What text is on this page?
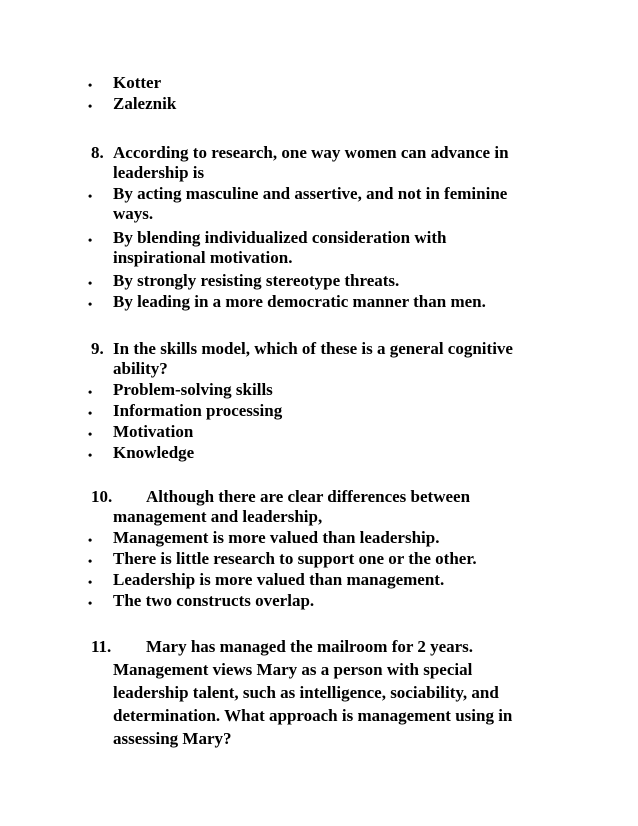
• Kotter
• Zaleznik
8. According to research, one way women can advance in
leadership is
• By acting masculine and assertive, and not in feminine
ways.
• By blending individualized consideration with
inspirational motivation.
• By strongly resisting stereotype threats.
• By leading in a more democratic manner than men.
9. In the skills model, which of these is a general cognitive
ability?
• Problem-solving skills
• Information processing
• Motivation
• Knowledge
10. Although there are clear differences between
management and leadership,
• Management is more valued than leadership.
• There is little research to support one or the other.
• Leadership is more valued than management.
• The two constructs overlap.
11. Mary has managed the mailroom for 2 years.
Management views Mary as a person with special
leadership talent, such as intelligence, sociability, and
determination. What approach is management using in
assessing Mary?
